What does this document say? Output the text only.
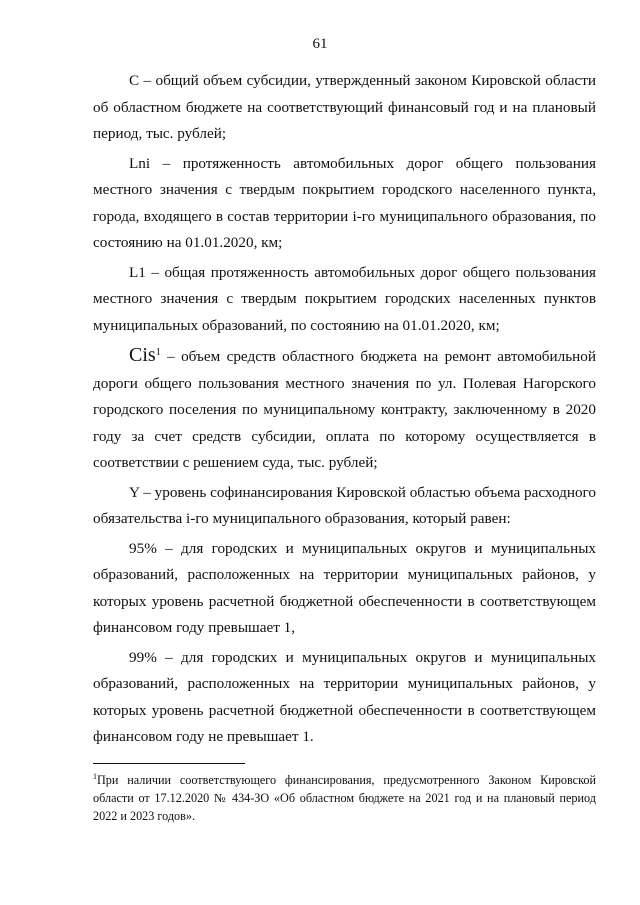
61

C – общий объем субсидии, утвержденный законом Кировской области об областном бюджете на соответствующий финансовый год и на плановый период, тыс. рублей;

Lni – протяженность автомобильных дорог общего пользования местного значения с твердым покрытием городского населенного пункта, города, входящего в состав территории i-го муниципального образования, по состоянию на 01.01.2020, км;

L1 – общая протяженность автомобильных дорог общего пользования местного значения с твердым покрытием городских населенных пунктов муниципальных образований, по состоянию на 01.01.2020, км;

Cis$^1$ – объем средств областного бюджета на ремонт автомобильной дороги общего пользования местного значения по ул. Полевая Нагорского городского поселения по муниципальному контракту, заключенному в 2020 году за счет средств субсидии, оплата по которому осуществляется в соответствии с решением суда, тыс. рублей;

Y – уровень софинансирования Кировской областью объема расходного обязательства i-го муниципального образования, который равен:

95% – для городских и муниципальных округов и муниципальных образований, расположенных на территории муниципальных районов, у которых уровень расчетной бюджетной обеспеченности в соответствующем финансовом году превышает 1,

99% – для городских и муниципальных округов и муниципальных образований, расположенных на территории муниципальных районов, у которых уровень расчетной бюджетной обеспеченности в соответствующем финансовом году не превышает 1.

$^1$При наличии соответствующего финансирования, предусмотренного Законом Кировской области от 17.12.2020 № 434-ЗО «Об областном бюджете на 2021 год и на плановый период 2022 и 2023 годов».
